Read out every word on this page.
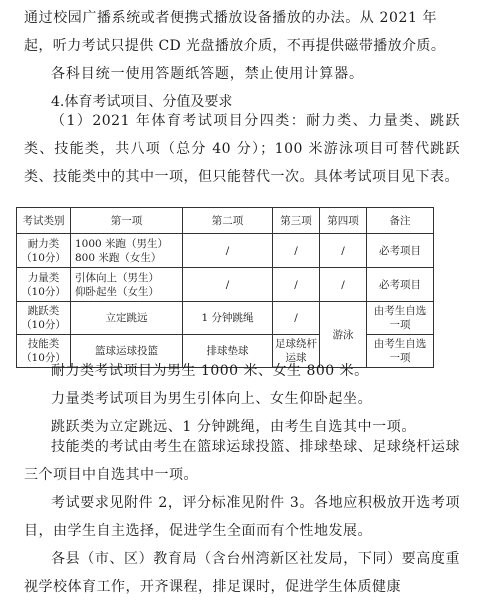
通过校园广播系统或者便携式播放设备播放的办法。从 2021 年
起，听力考试只提供 CD 光盘播放介质，不再提供磁带播放介质。
各科目统一使用答题纸答题，禁止使用计算器。
4.体育考试项目、分值及要求
（1）2021 年体育考试项目分四类：耐力类、力量类、跳跃类、技能类，共八项（总分 40 分）；100 米游泳项目可替代跳跃类、技能类中的其中一项，但只能替代一次。具体考试项目见下表。
考试类别	第一项	第二项	第三项	第四项	备注
耐力类（10分）	1000 米跑（男生）
800 米跑（女生）	/	/	/	必考项目
力量类（10分）	引体向上（男生）
仰卧起坐（女生）	/	/	/	必考项目
跳跃类（10分）	立定跳远	1 分钟跳绳	/	游泳	由考生自选一项
技能类（10分）	篮球运球投篮	排球垫球	足球绕杆运球		由考生自选一项
耐力类考试项目为男生 1000 米、女生 800 米。
力量类考试项目为男生引体向上、女生仰卧起坐。
跳跃类为立定跳远、1 分钟跳绳，由考生自选其中一项。
技能类的考试由考生在篮球运球投篮、排球垫球、足球绕杆运球三个项目中自选其中一项。
考试要求见附件 2，评分标准见附件 3。各地应积极放开选考项目，由学生自主选择，促进学生全面而有个性地发展。
各县（市、区）教育局（含台州湾新区社发局，下同）要高度重视学校体育工作，开齐课程，排足课时，促进学生体质健康
